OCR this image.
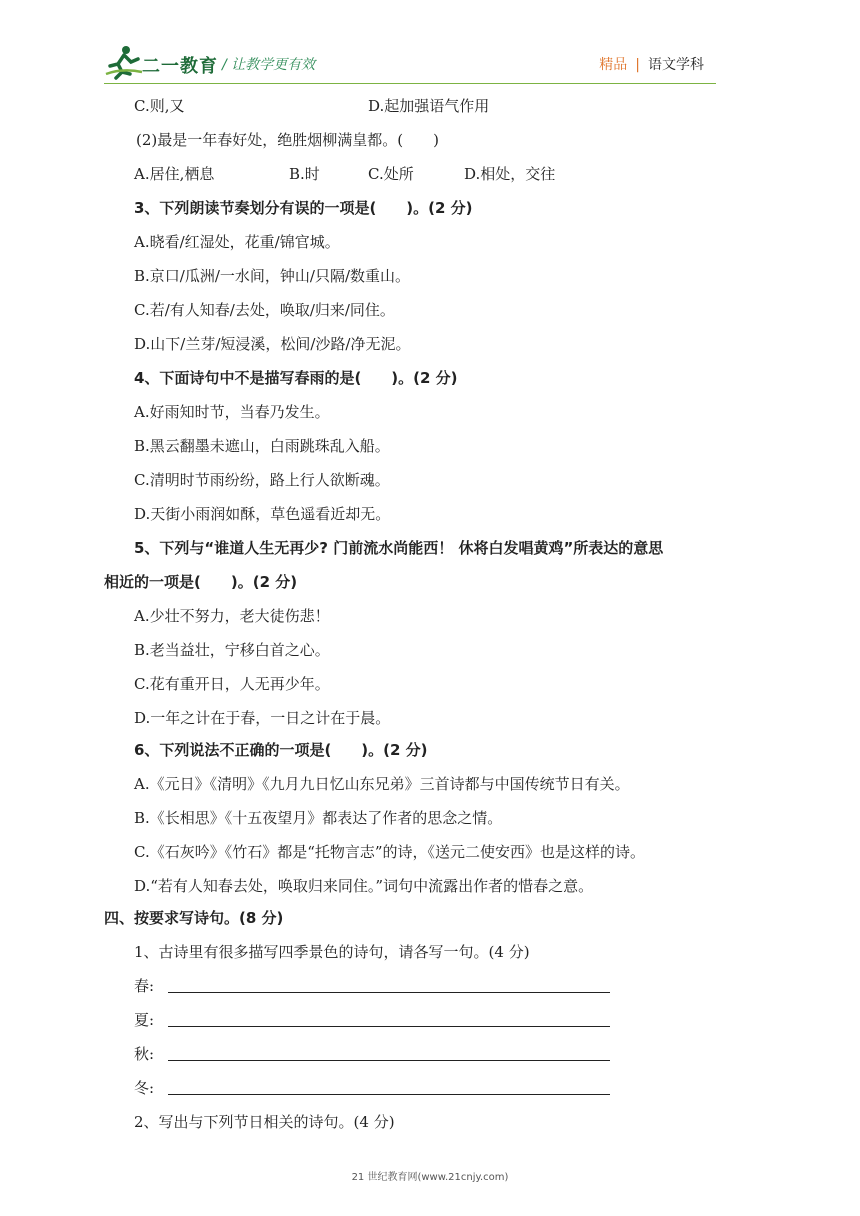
二一教育 / 让教学更有效	精品 | 语文学科
C.则,又	D.起加强语气作用
(2)最是一年春好处，绝胜烟柳满皇都。(　　)
A.居住,栖息	B.时	C.处所	D.相处，交往
3、下列朗读节奏划分有误的一项是(　　)。(2 分)
A.晓看/红湿处，花重/锦官城。
B.京口/瓜洲/一水间，钟山/只隔/数重山。
C.若/有人知春/去处，唤取/归来/同住。
D.山下/兰芽/短浸溪，松间/沙路/净无泥。
4、下面诗句中不是描写春雨的是(　　)。(2 分)
A.好雨知时节，当春乃发生。
B.黑云翻墨未遮山，白雨跳珠乱入船。
C.清明时节雨纷纷，路上行人欲断魂。
D.天街小雨润如酥，草色遥看近却无。
5、下列与“谁道人生无再少? 门前流水尚能西！ 休将白发唱黄鸡”所表达的意思
相近的一项是(　　)。(2 分)
A.少壮不努力，老大徒伤悲！
B.老当益壮，宁移白首之心。
C.花有重开日，人无再少年。
D.一年之计在于春，一日之计在于晨。
6、下列说法不正确的一项是(　　)。(2 分)
A.《元日》《清明》《九月九日忆山东兄弟》三首诗都与中国传统节日有关。
B.《长相思》《十五夜望月》都表达了作者的思念之情。
C.《石灰吟》《竹石》都是“托物言志”的诗，《送元二使安西》也是这样的诗。
D.“若有人知春去处，唤取归来同住。”词句中流露出作者的惜春之意。
四、按要求写诗句。(8 分)
1、古诗里有很多描写四季景色的诗句，请各写一句。(4 分)
春:
夏:
秋:
冬:
2、写出与下列节日相关的诗句。(4 分)
21 世纪教育网(www.21cnjy.com)
